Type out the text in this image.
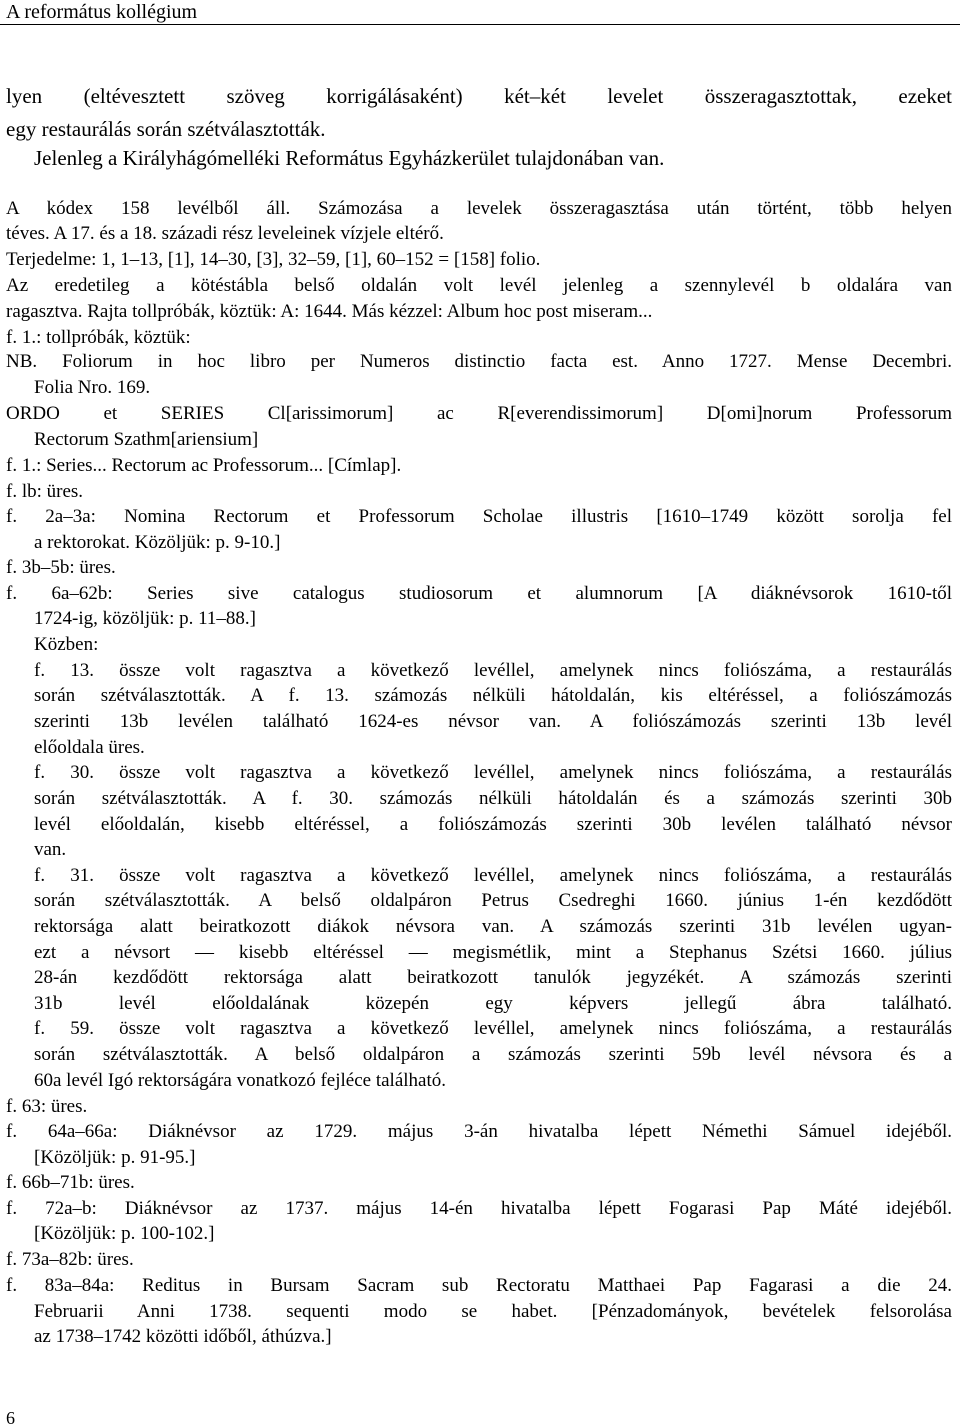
A református kollégium
lyen (eltévesztett szöveg korrigálásaként) két–két levelet összeragasztottak, ezeket
egy restaurálás során szétválasztották.
Jelenleg a Királyhágómelléki Református Egyházkerület tulajdonában van.
A kódex 158 levélből áll. Számozása a levelek összeragasztása után történt, több helyen
téves. A 17. és a 18. századi rész leveleinek vízjele eltérő.
Terjedelme: 1, 1–13, [1], 14–30, [3], 32–59, [1], 60–152 = [158] folio.
Az eredetileg a kötéstábla belső oldalán volt levél jelenleg a szennylevél b oldalára van
ragasztva. Rajta tollpróbák, köztük: A: 1644. Más kézzel: Album hoc post miseram...
f. 1.: tollpróbák, köztük:
NB. Foliorum in hoc libro per Numeros distinctio facta est. Anno 1727. Mense Decembri.
Folia Nro. 169.
ORDO et SERIES Cl[arissimorum] ac R[everendissimorum] D[omi]norum Professorum
Rectorum Szathm[ariensium]
f. 1.: Series... Rectorum ac Professorum... [Címlap].
f. lb: üres.
f. 2a–3a: Nomina Rectorum et Professorum Scholae illustris [1610–1749 között sorolja fel
a rektorokat. Közöljük: p. 9-10.]
f. 3b–5b: üres.
f. 6a–62b: Series sive catalogus studiosorum et alumnorum [A diáknévsorok 1610-től
1724-ig, közöljük: p. 11–88.]
Közben:
f. 13. össze volt ragasztva a következő levéllel, amelynek nincs foliószáma, a restaurálás
során szétválasztották. A f. 13. számozás nélküli hátoldalán, kis eltéréssel, a foliószámozás
szerinti 13b levélen található 1624-es névsor van. A foliószámozás szerinti 13b levél
előoldala üres.
f. 30. össze volt ragasztva a következő levéllel, amelynek nincs foliószáma, a restaurálás
során szétválasztották. A f. 30. számozás nélküli hátoldalán és a számozás szerinti 30b
levél előoldalán, kisebb eltéréssel, a foliószámozás szerinti 30b levélen található névsor
van.
f. 31. össze volt ragasztva a következő levéllel, amelynek nincs foliószáma, a restaurálás
során szétválasztották. A belső oldalpáron Petrus Csedreghi 1660. június 1-én kezdődött
rektorsága alatt beiratkozott diákok névsora van. A számozás szerinti 31b levélen ugyan-
ezt a névsort — kisebb eltéréssel — megismétlik, mint a Stephanus Szétsi 1660. július
28-án kezdődött rektorsága alatt beiratkozott tanulók jegyzékét. A számozás szerinti
31b levél előoldalának közepén egy képvers jellegű ábra található.
f. 59. össze volt ragasztva a következő levéllel, amelynek nincs foliószáma, a restaurálás
során szétválasztották. A belső oldalpáron a számozás szerinti 59b levél névsora és a
60a levél Igó rektorságára vonatkozó fejlécе található.
f. 63: üres.
f. 64a–66a: Diáknévsor az 1729. május 3-án hivatalba lépett Némethi Sámuel idejéből.
[Közöljük: p. 91-95.]
f. 66b–71b: üres.
f. 72a–b: Diáknévsor az 1737. május 14-én hivatalba lépett Fogarasi Pap Máté idejéből.
[Közöljük: p. 100-102.]
f. 73a–82b: üres.
f. 83a–84a: Reditus in Bursam Sacram sub Rectoratu Matthaei Pap Fagarasi a die 24.
Februarii Anni 1738. sequenti modo se habet. [Pénzadományok, bevételek felsorolása
az 1738–1742 közötti időből, áthúzva.]
6
